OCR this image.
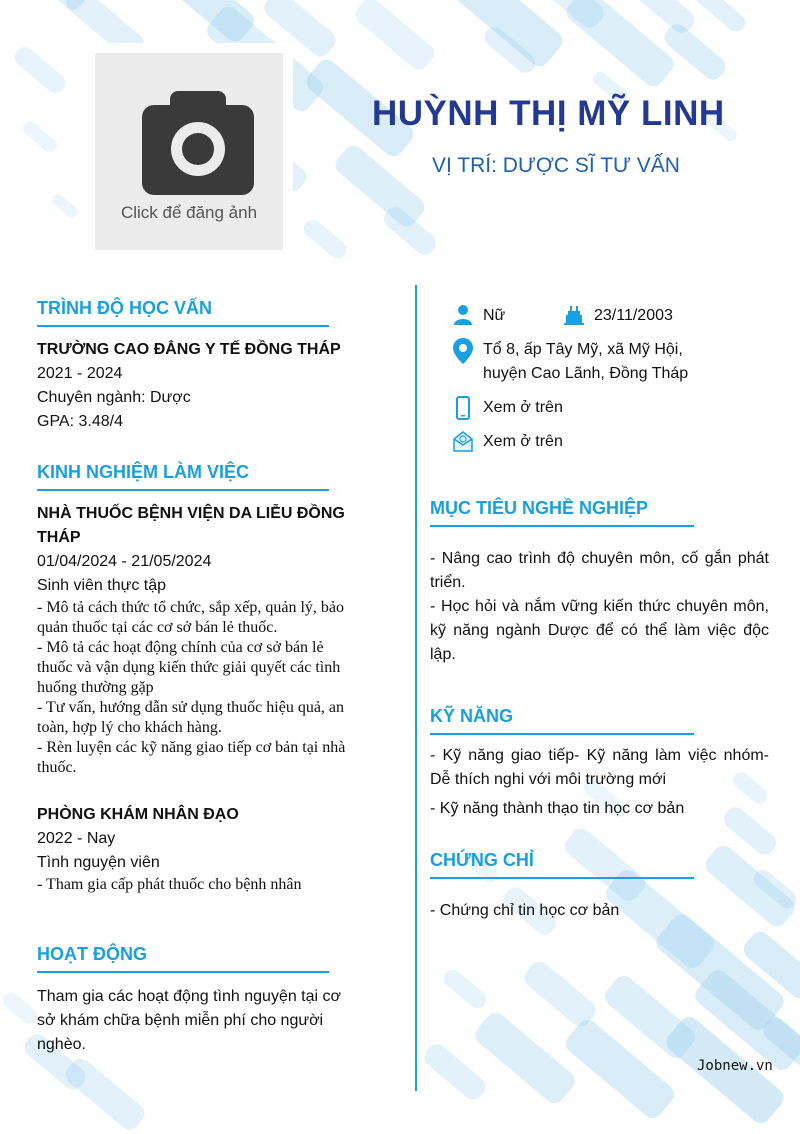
Click để đăng ảnh
HUỲNH THỊ MỸ LINH
VỊ TRÍ: DƯỢC SĨ TƯ VẤN
TRÌNH ĐỘ HỌC VẤN
TRƯỜNG CAO ĐẲNG Y TẾ ĐỒNG THÁP
2021 - 2024
Chuyên ngành: Dược
GPA: 3.48/4
KINH NGHIỆM LÀM VIỆC
NHÀ THUỐC BỆNH VIỆN DA LIỄU ĐỒNG THÁP
01/04/2024 - 21/05/2024
Sinh viên thực tập
- Mô tả cách thức tổ chức, sắp xếp, quản lý, bảo quản thuốc tại các cơ sở bán lẻ thuốc.
- Mô tả các hoạt động chính của cơ sở bán lẻ thuốc và vận dụng kiến thức giải quyết các tình huống thường gặp
- Tư vấn, hướng dẫn sử dụng thuốc hiệu quả, an toàn, hợp lý cho khách hàng.
- Rèn luyện các kỹ năng giao tiếp cơ bản tại nhà thuốc.
PHÒNG KHÁM NHÂN ĐẠO
2022 - Nay
Tình nguyện viên
- Tham gia cấp phát thuốc cho bệnh nhân
HOẠT ĐỘNG
Tham gia các hoạt động tình nguyện tại cơ sở khám chữa bệnh miễn phí cho người nghèo.
Nữ	23/11/2003
Tổ 8, ấp Tây Mỹ, xã Mỹ Hội,
huyện Cao Lãnh, Đồng Tháp
Xem ở trên
Xem ở trên
MỤC TIÊU NGHỀ NGHIỆP
- Nâng cao trình độ chuyên môn, cố gắn phát triển.
- Học hỏi và nắm vững kiến thức chuyên môn, kỹ năng ngành Dược để có thể làm việc độc lập.
KỸ NĂNG
- Kỹ năng giao tiếp- Kỹ năng làm việc nhóm- Dễ thích nghi với môi trường mới
- Kỹ năng thành thạo tin học cơ bản
CHỨNG CHỈ
- Chứng chỉ tin học cơ bản
Jobnew.vn
